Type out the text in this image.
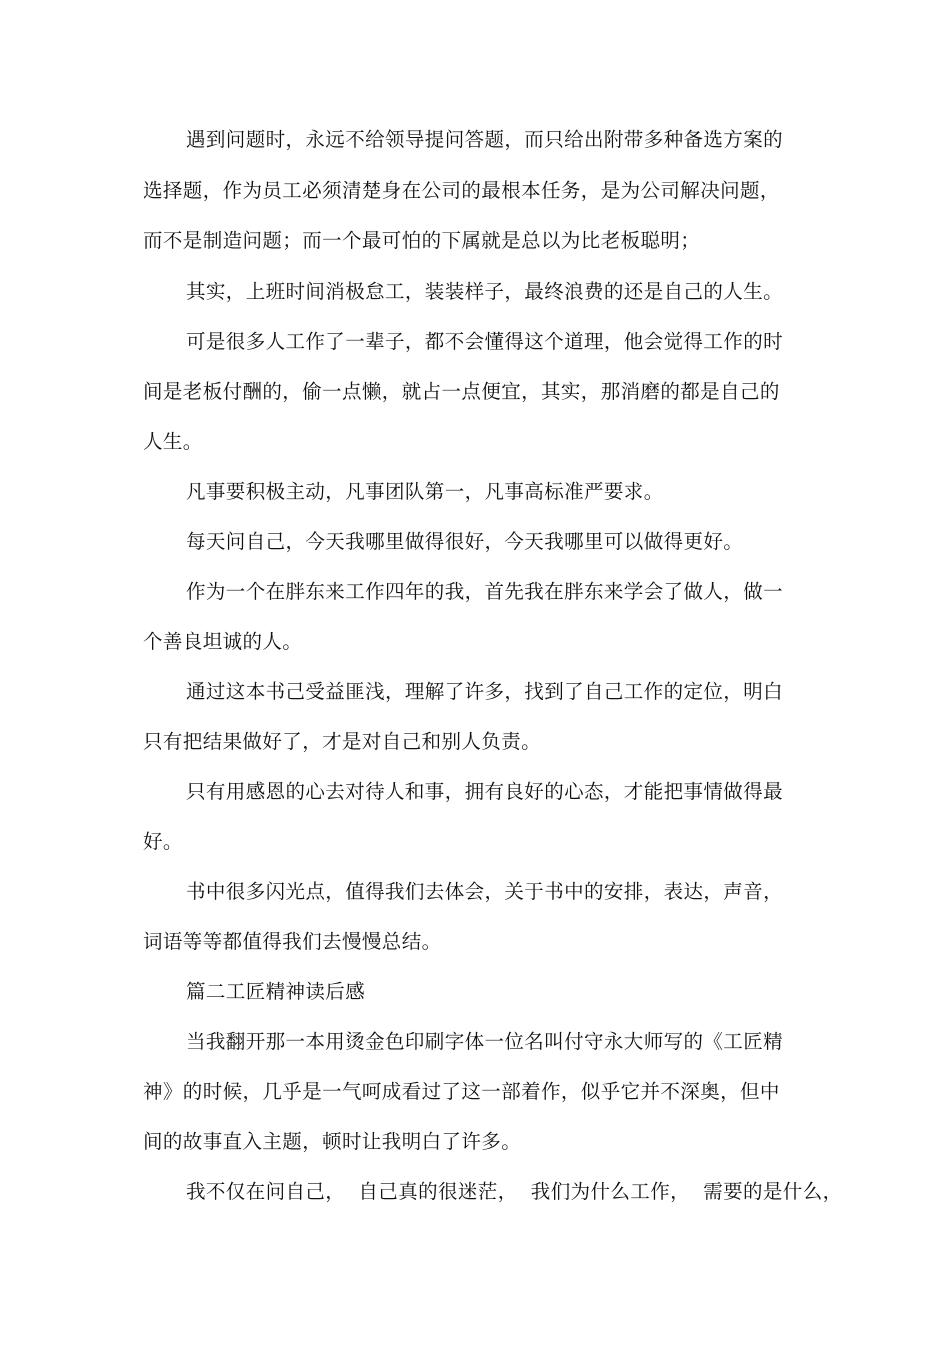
遇到问题时，永远不给领导提问答题，而只给出附带多种备选方案的
选择题，作为员工必须清楚身在公司的最根本任务，是为公司解决问题，
而不是制造问题；而一个最可怕的下属就是总以为比老板聪明；
其实，上班时间消极怠工，装装样子，最终浪费的还是自己的人生。
可是很多人工作了一辈子，都不会懂得这个道理，他会觉得工作的时
间是老板付酬的，偷一点懒，就占一点便宜，其实，那消磨的都是自己的
人生。
凡事要积极主动，凡事团队第一，凡事高标准严要求。
每天问自己，今天我哪里做得很好，今天我哪里可以做得更好。
作为一个在胖东来工作四年的我，首先我在胖东来学会了做人，做一
个善良坦诚的人。
通过这本书己受益匪浅，理解了许多，找到了自己工作的定位，明白
只有把结果做好了，才是对自己和别人负责。
只有用感恩的心去对待人和事，拥有良好的心态，才能把事情做得最
好。
书中很多闪光点，值得我们去体会，关于书中的安排，表达，声音，
词语等等都值得我们去慢慢总结。
篇二工匠精神读后感
当我翻开那一本用烫金色印刷字体一位名叫付守永大师写的《工匠精
神》的时候，几乎是一气呵成看过了这一部着作，似乎它并不深奥，但中
间的故事直入主题，顿时让我明白了许多。
我不仅在问自己，  自己真的很迷茫，  我们为什么工作，  需要的是什么，
